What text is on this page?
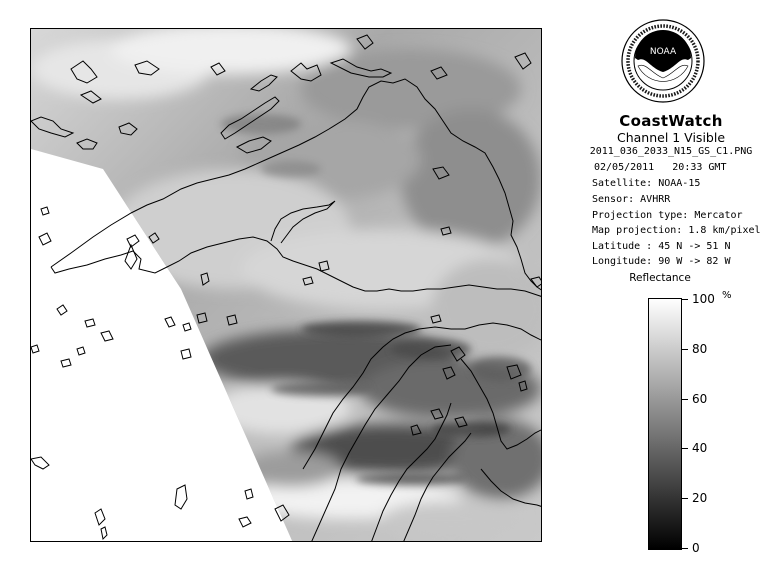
NOAA
CoastWatch
Channel 1 Visible
2011_036_2033_N15_GS_C1.PNG
02/05/2011 20:33 GMT
Satellite: NOAA-15
Sensor: AVHRR
Projection type: Mercator
Map projection: 1.8 km/pixel
Latitude : 45 N -> 51 N
Longitude: 90 W -> 82 W
Reflectance
%
100
80
60
40
20
0
